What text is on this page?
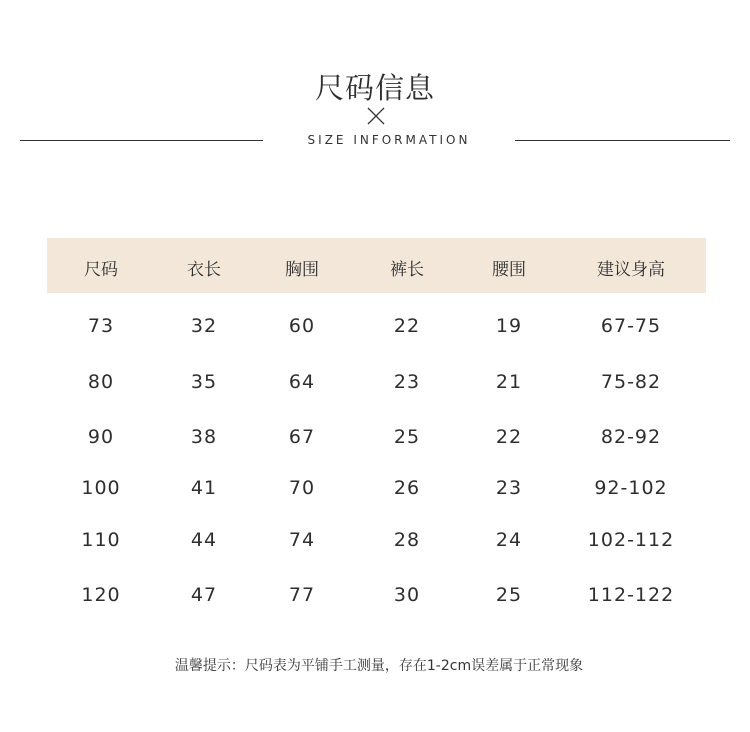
尺码信息
SIZE INFORMATION
尺码	衣长	胸围	裤长	腰围	建议身高
73	32	60	22	19	67-75
80	35	64	23	21	75-82
90	38	67	25	22	82-92
100	41	70	26	23	92-102
110	44	74	28	24	102-112
120	47	77	30	25	112-122
温馨提示：尺码表为平铺手工测量，存在1-2cm误差属于正常现象
